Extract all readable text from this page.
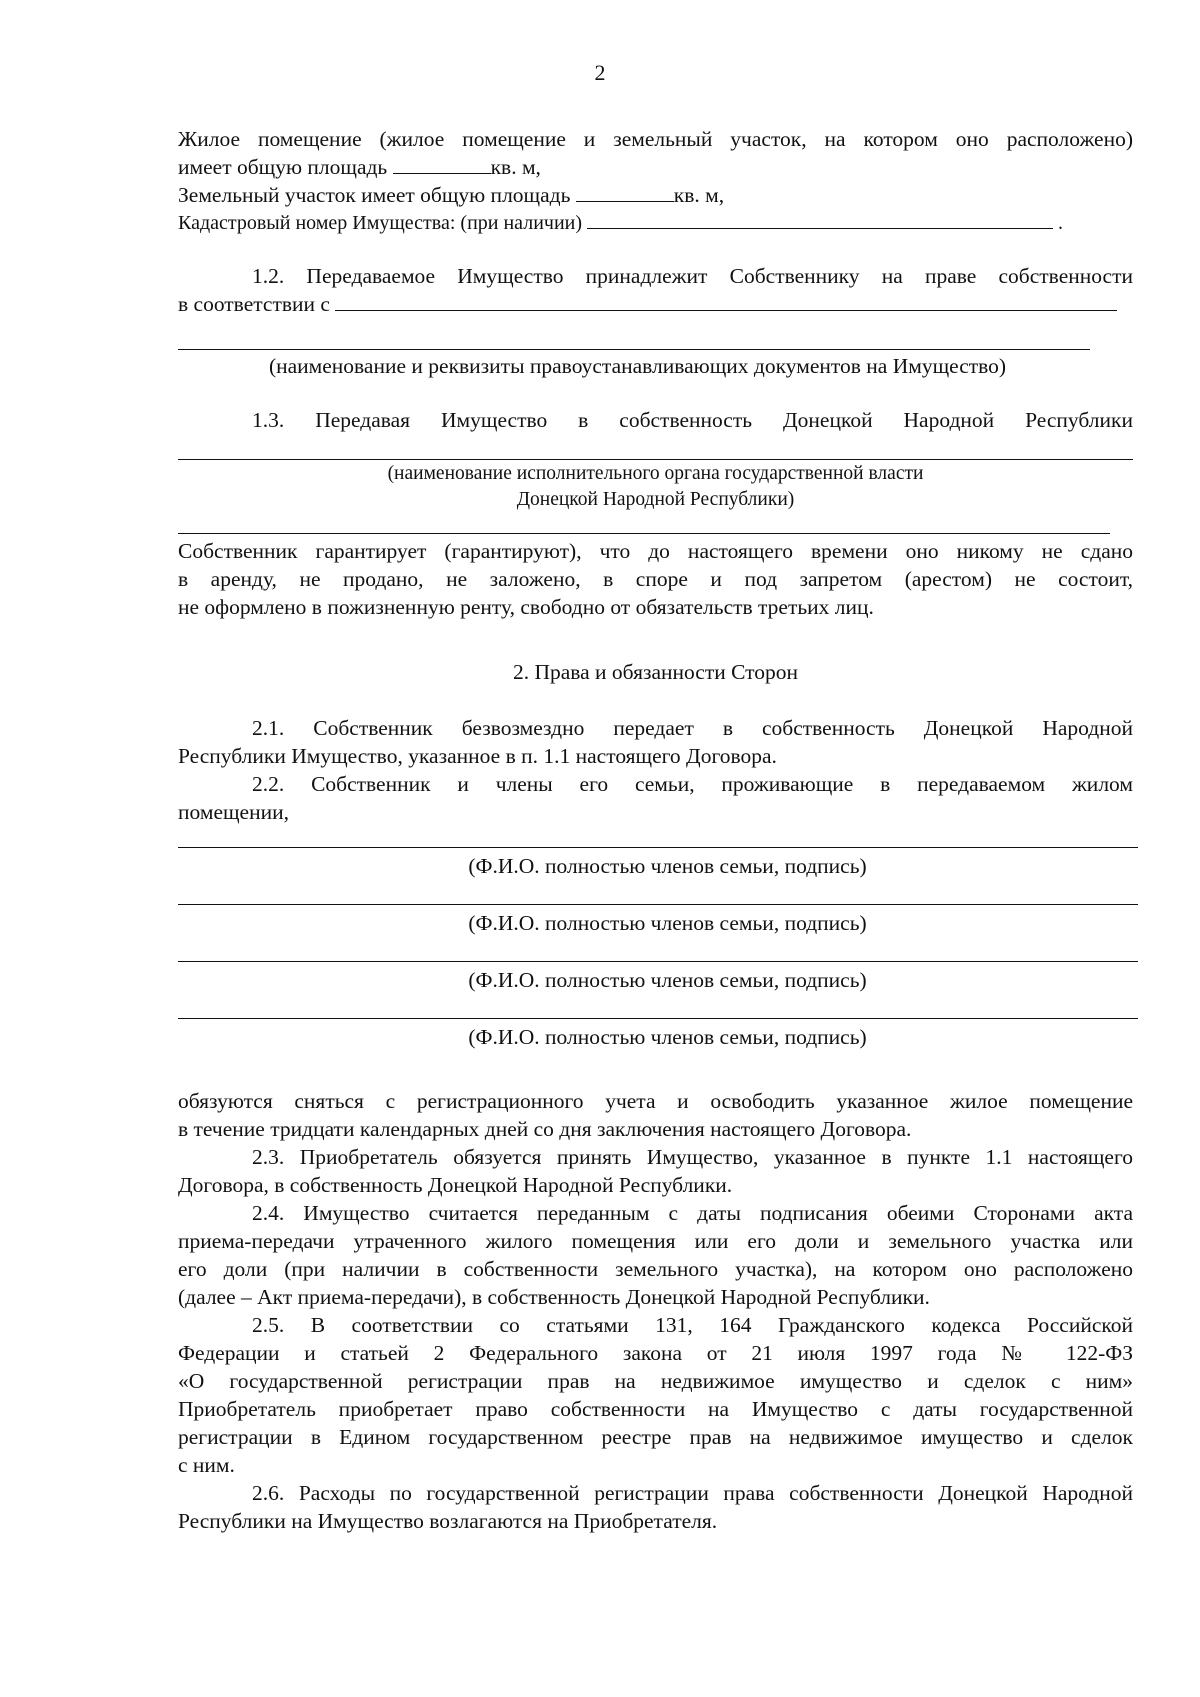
2
Жилое помещение (жилое помещение и земельный участок, на котором оно расположено)
имеет общую площадь	кв. м,
Земельный участок имеет общую площадь	кв. м,
Кадастровый номер Имущества: (при наличии)	.
1.2. Передаваемое Имущество принадлежит Собственнику на праве собственности
в соответствии с
(наименование и реквизиты правоустанавливающих документов на Имущество)
1.3. Передавая Имущество в собственность Донецкой Народной Республики
(наименование исполнительного органа государственной власти
Донецкой Народной Республики)
Собственник гарантирует (гарантируют), что до настоящего времени оно никому не сдано
в аренду, не продано, не заложено, в споре и под запретом (арестом) не состоит,
не оформлено в пожизненную ренту, свободно от обязательств третьих лиц.
2. Права и обязанности Сторон
2.1. Собственник безвозмездно передает в собственность Донецкой Народной
Республики Имущество, указанное в п. 1.1 настоящего Договора.
2.2. Собственник и члены его семьи, проживающие в передаваемом жилом
помещении,
(Ф.И.О. полностью членов семьи, подпись)
(Ф.И.О. полностью членов семьи, подпись)
(Ф.И.О. полностью членов семьи, подпись)
(Ф.И.О. полностью членов семьи, подпись)
обязуются сняться с регистрационного учета и освободить указанное жилое помещение
в течение тридцати календарных дней со дня заключения настоящего Договора.
2.3. Приобретатель обязуется принять Имущество, указанное в пункте 1.1 настоящего
Договора, в собственность Донецкой Народной Республики.
2.4. Имущество считается переданным с даты подписания обеими Сторонами акта
приема-передачи утраченного жилого помещения или его доли и земельного участка или
его доли (при наличии в собственности земельного участка), на котором оно расположено
(далее – Акт приема-передачи), в собственность Донецкой Народной Республики.
2.5. В соответствии со статьями 131, 164 Гражданского кодекса Российской
Федерации и статьей 2 Федерального закона от 21 июля 1997 года № 122-ФЗ
«О государственной регистрации прав на недвижимое имущество и сделок с ним»
Приобретатель приобретает право собственности на Имущество с даты государственной
регистрации в Едином государственном реестре прав на недвижимое имущество и сделок
с ним.
2.6. Расходы по государственной регистрации права собственности Донецкой Народной
Республики на Имущество возлагаются на Приобретателя.
